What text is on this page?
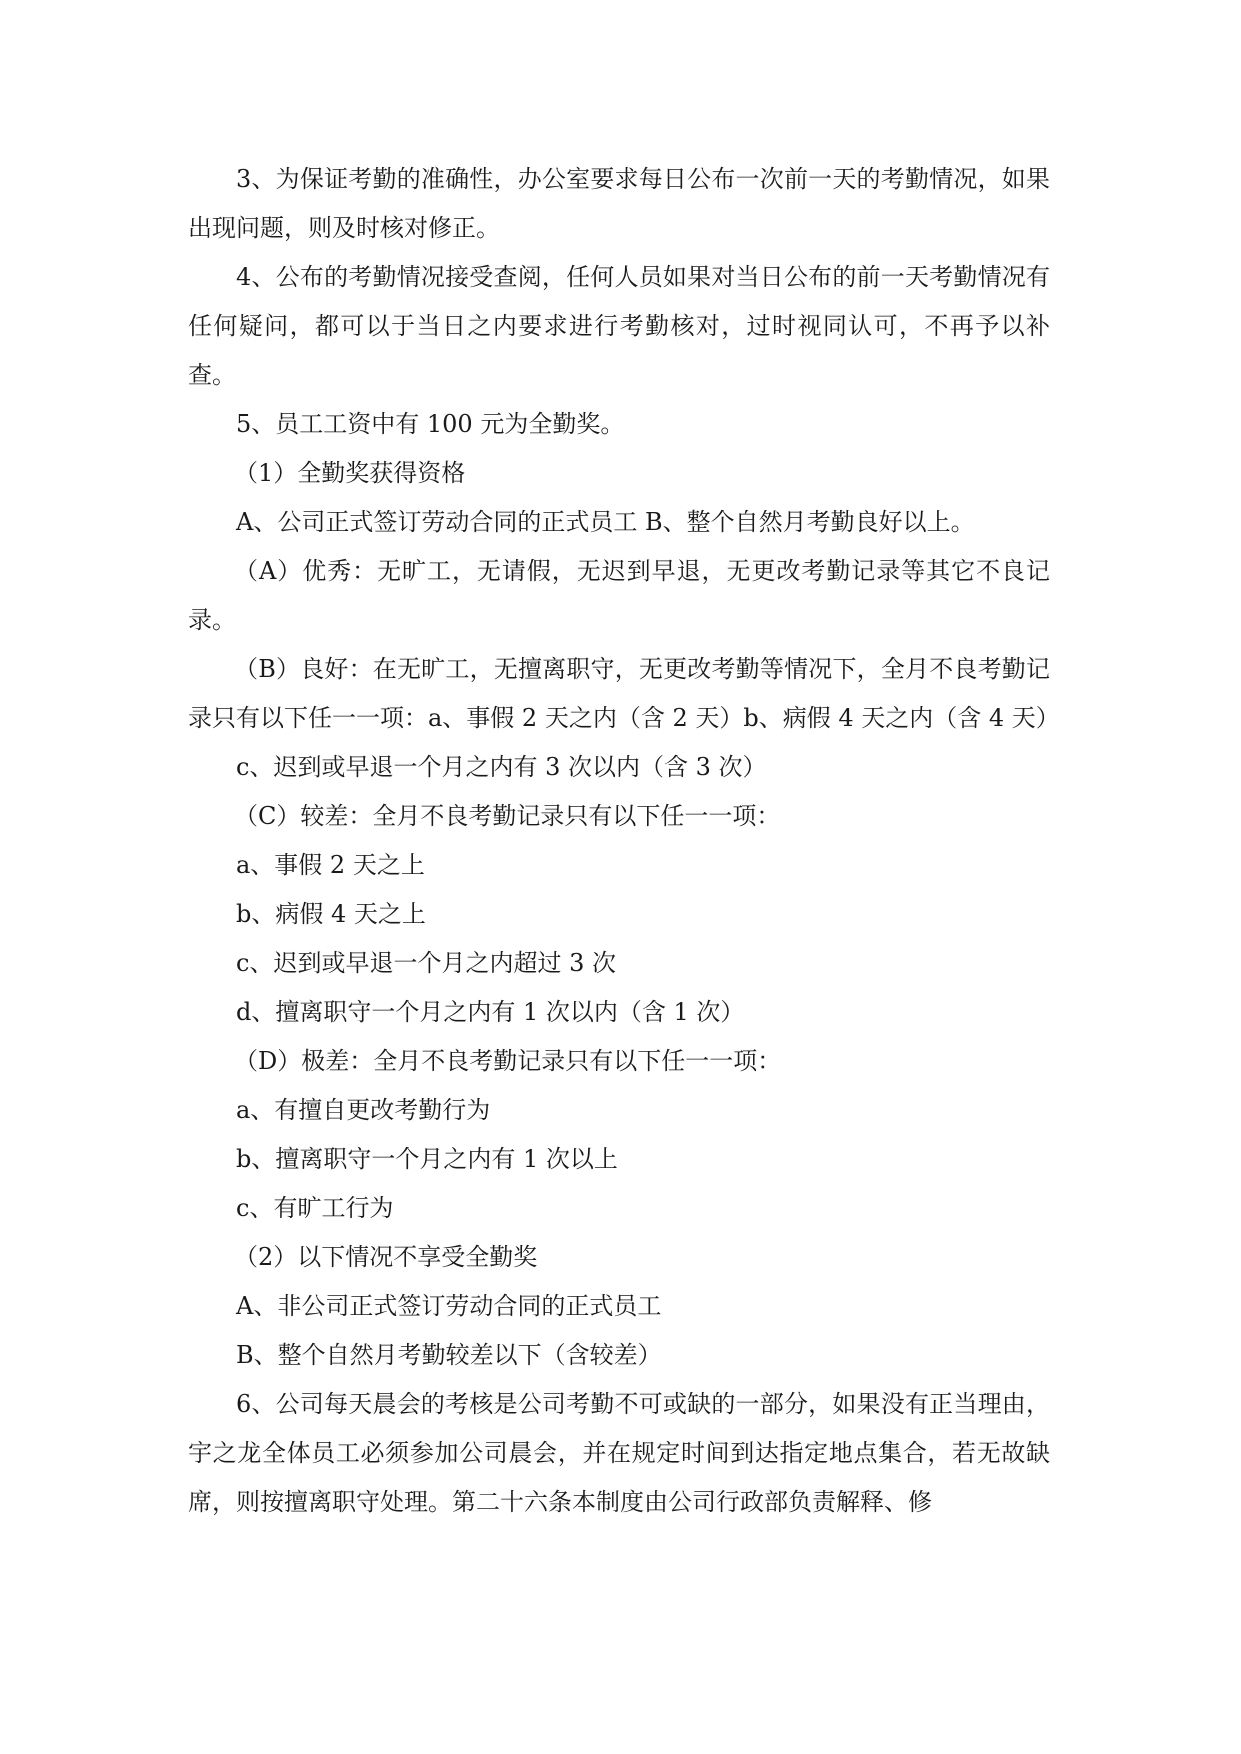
3、为保证考勤的准确性，办公室要求每日公布一次前一天的考勤情况，如果出现问题，则及时核对修正。

4、公布的考勤情况接受查阅，任何人员如果对当日公布的前一天考勤情况有任何疑问，都可以于当日之内要求进行考勤核对，过时视同认可，不再予以补查。

5、员工工资中有 100 元为全勤奖。

（1）全勤奖获得资格

A、公司正式签订劳动合同的正式员工 B、整个自然月考勤良好以上。

（A）优秀：无旷工，无请假，无迟到早退，无更改考勤记录等其它不良记录。

（B）良好：在无旷工，无擅离职守，无更改考勤等情况下，全月不良考勤记录只有以下任一一项：a、事假 2 天之内（含 2 天）b、病假 4 天之内（含 4 天）

c、迟到或早退一个月之内有 3 次以内（含 3 次）

（C）较差：全月不良考勤记录只有以下任一一项：

a、事假 2 天之上

b、病假 4 天之上

c、迟到或早退一个月之内超过 3 次

d、擅离职守一个月之内有 1 次以内（含 1 次）

（D）极差：全月不良考勤记录只有以下任一一项：

a、有擅自更改考勤行为

b、擅离职守一个月之内有 1 次以上

c、有旷工行为

（2）以下情况不享受全勤奖

A、非公司正式签订劳动合同的正式员工

B、整个自然月考勤较差以下（含较差）

6、公司每天晨会的考核是公司考勤不可或缺的一部分，如果没有正当理由，宇之龙全体员工必须参加公司晨会，并在规定时间到达指定地点集合，若无故缺席，则按擅离职守处理。第二十六条本制度由公司行政部负责解释、修
